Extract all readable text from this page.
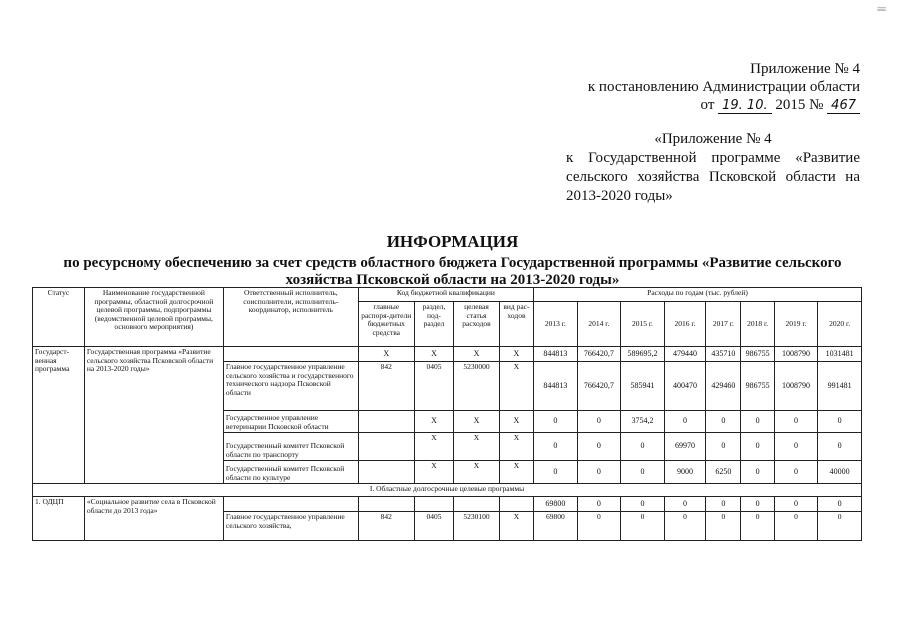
≡≡
Приложение № 4
к постановлению Администрации области
от 19. 10. 2015 № 467
«Приложение № 4
к Государственной программе «Развитие
сельского хозяйства Псковской области на
2013-2020 годы»
ИНФОРМАЦИЯ
по ресурсному обеспечению за счет средств областного бюджета Государственной программы «Развитие сельского хозяйства Псковской области на 2013-2020 годы»
Статус	Наименование государственной программы, областной долгосрочной целевой программы, подпрограммы (ведомственной целевой программы, основного мероприятия)	Ответственный исполнитель, соисполнители, исполнитель-координатор, исполнитель	Код бюджетной квалификации				Расходы по годам (тыс. рублей)							
			главные распоря-дители бюджетных средства	раздел, под-раздел	целевая статья расходов	вид рас-ходов	2013 г.	2014 г.	2015 г.	2016 г.	2017 г.	2018 г.	2019 г.	2020 г.
Государст-венная программа	Государственная программа «Развитие сельского хозяйства Псковской области на 2013-2020 годы»		X	X	X	X	844813	766420,7	589695,2	479440	435710	986755	1008790	1031481
		Главное государственное управление сельского хозяйства и государственного технического надзора Псковской области	842	0405	5230000	X	844813	766420,7	585941	400470	429460	986755	1008790	991481
		Государственное управление ветеринарии Псковской области		X	X	X	0	0	3754,2	0	0	0	0	0
		Государственный комитет Псковской области по транспорту		X	X	X	0	0	0	69970	0	0	0	0
		Государственный комитет Псковской области по культуре		X	X	X	0	0	0	9000	6250	0	0	40000
I. Областные долгосрочные целевые программы														
1. ОДЦП	«Социальное развитие села в Псковской области до 2013 года»						69800	0	0	0	0	0	0	0
		Главное государственное управление сельского хозяйства,	842	0405	5230100	X	69800	0	0	0	0	0	0	0
